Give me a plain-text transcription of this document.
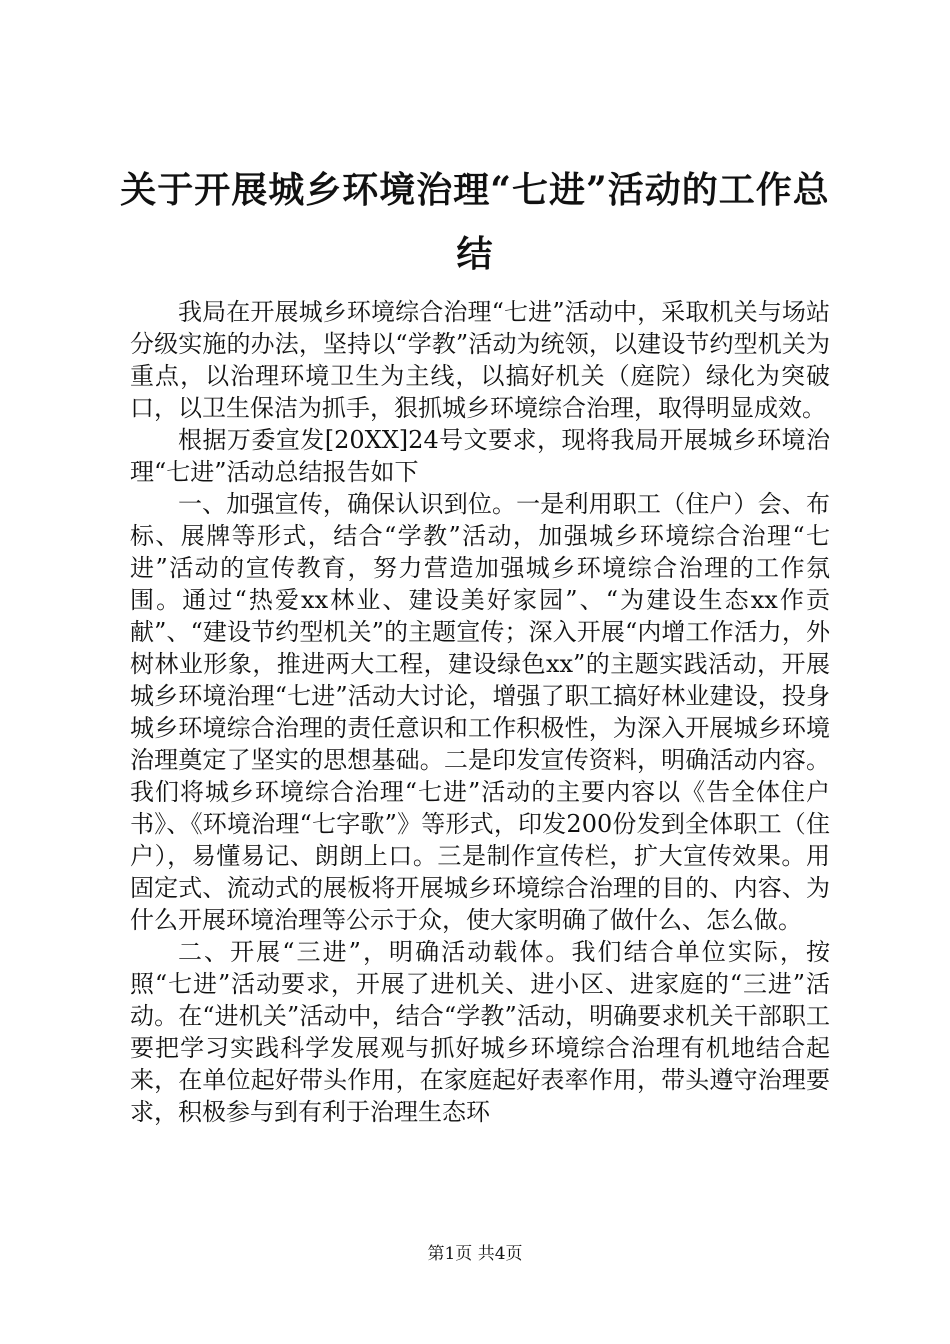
关于开展城乡环境治理“七进”活动的工作总结

我局在开展城乡环境综合治理“七进”活动中，采取机关与场站分级实施的办法，坚持以“学教”活动为统领，以建设节约型机关为重点，以治理环境卫生为主线，以搞好机关（庭院）绿化为突破口，以卫生保洁为抓手，狠抓城乡环境综合治理，取得明显成效。

根据万委宣发[20XX]24号文要求，现将我局开展城乡环境治理“七进”活动总结报告如下

一、加强宣传，确保认识到位。一是利用职工（住户）会、布标、展牌等形式，结合“学教”活动，加强城乡环境综合治理“七进”活动的宣传教育，努力营造加强城乡环境综合治理的工作氛围。通过“热爱xx林业、建设美好家园”、“为建设生态xx作贡献”、“建设节约型机关”的主题宣传；深入开展“内增工作活力，外树林业形象，推进两大工程，建设绿色xx”的主题实践活动，开展城乡环境治理“七进”活动大讨论，增强了职工搞好林业建设，投身城乡环境综合治理的责任意识和工作积极性，为深入开展城乡环境治理奠定了坚实的思想基础。二是印发宣传资料，明确活动内容。我们将城乡环境综合治理“七进”活动的主要内容以《告全体住户书》、《环境治理“七字歌”》等形式，印发200份发到全体职工（住户），易懂易记、朗朗上口。三是制作宣传栏，扩大宣传效果。用固定式、流动式的展板将开展城乡环境综合治理的目的、内容、为什么开展环境治理等公示于众，使大家明确了做什么、怎么做。

二、开展“三进”，明确活动载体。我们结合单位实际，按照“七进”活动要求，开展了进机关、进小区、进家庭的“三进”活动。在“进机关”活动中，结合“学教”活动，明确要求机关干部职工要把学习实践科学发展观与抓好城乡环境综合治理有机地结合起来，在单位起好带头作用，在家庭起好表率作用，带头遵守治理要求，积极参与到有利于治理生态环

第1页 共4页
